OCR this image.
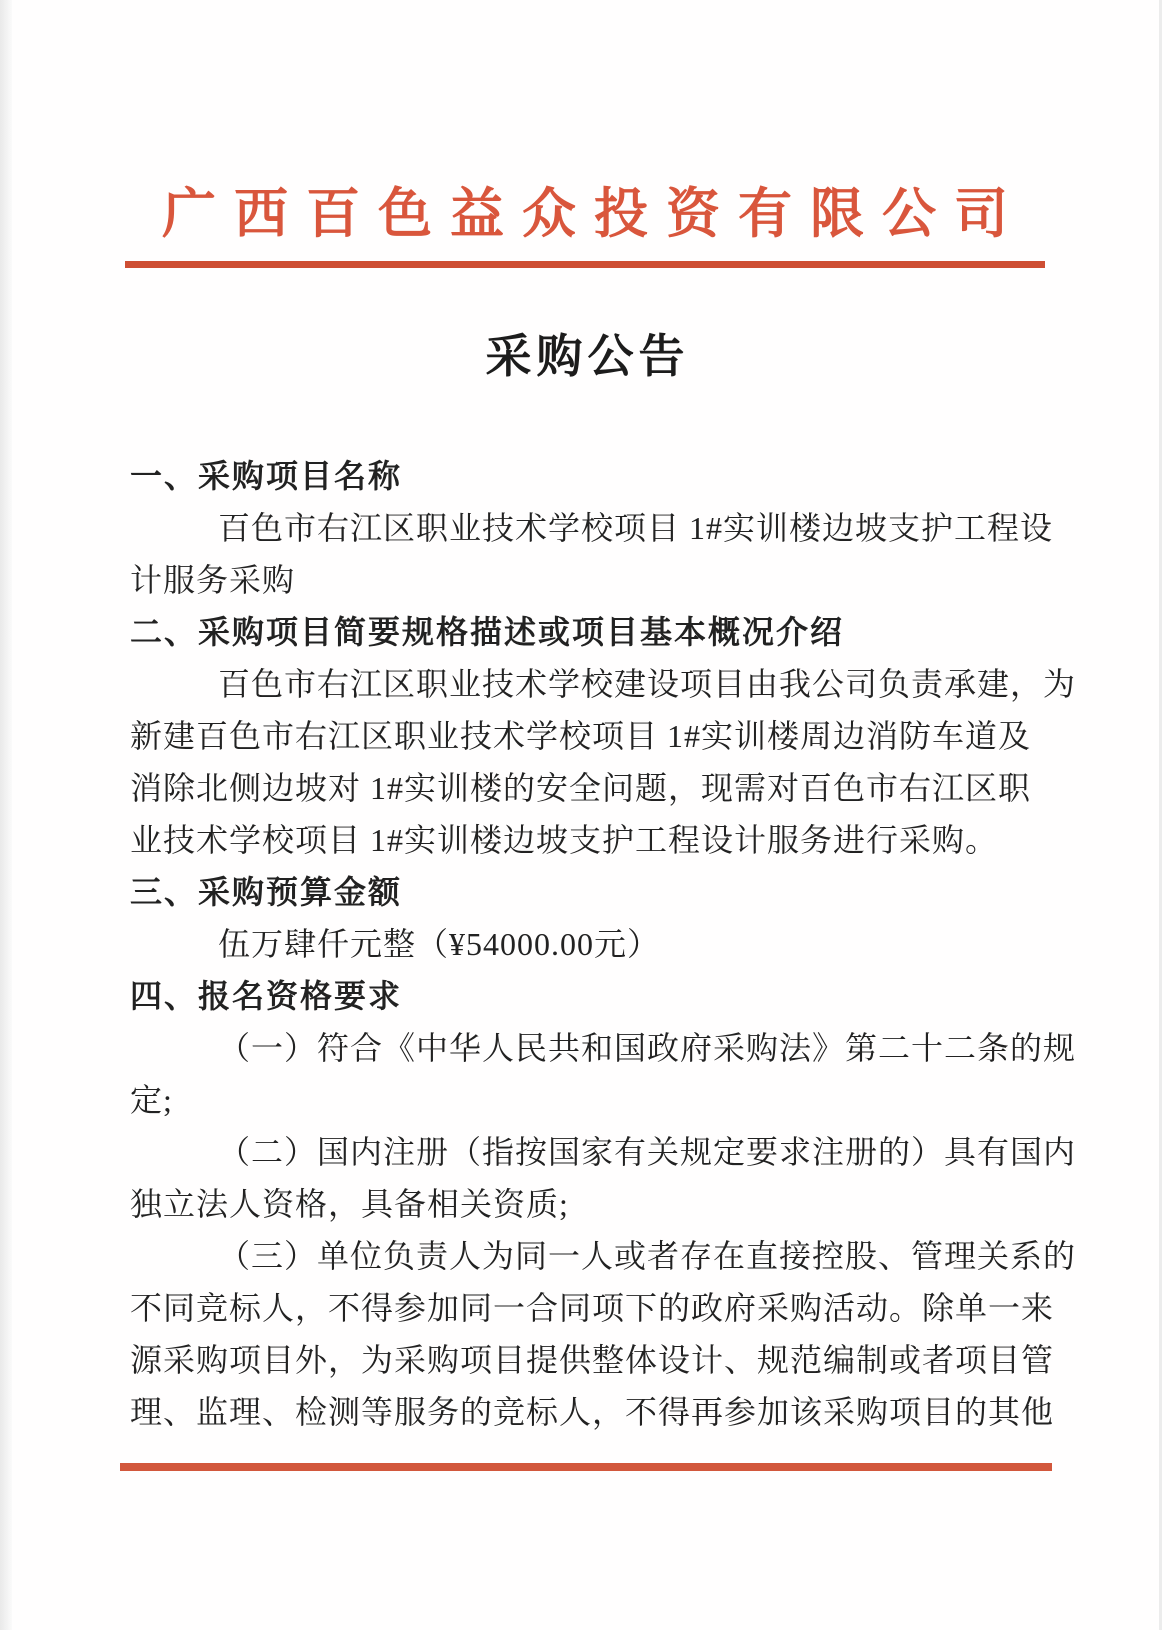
广西百色益众投资有限公司
采购公告
一、采购项目名称
百色市右江区职业技术学校项目 1#实训楼边坡支护工程设
计服务采购
二、采购项目简要规格描述或项目基本概况介绍
百色市右江区职业技术学校建设项目由我公司负责承建，为
新建百色市右江区职业技术学校项目 1#实训楼周边消防车道及
消除北侧边坡对 1#实训楼的安全问题，现需对百色市右江区职
业技术学校项目 1#实训楼边坡支护工程设计服务进行采购。
三、采购预算金额
伍万肆仟元整（¥54000.00元）
四、报名资格要求
（一）符合《中华人民共和国政府采购法》第二十二条的规
定;
（二）国内注册（指按国家有关规定要求注册的）具有国内
独立法人资格，具备相关资质;
（三）单位负责人为同一人或者存在直接控股、管理关系的
不同竞标人，不得参加同一合同项下的政府采购活动。除单一来
源采购项目外，为采购项目提供整体设计、规范编制或者项目管
理、监理、检测等服务的竞标人，不得再参加该采购项目的其他
